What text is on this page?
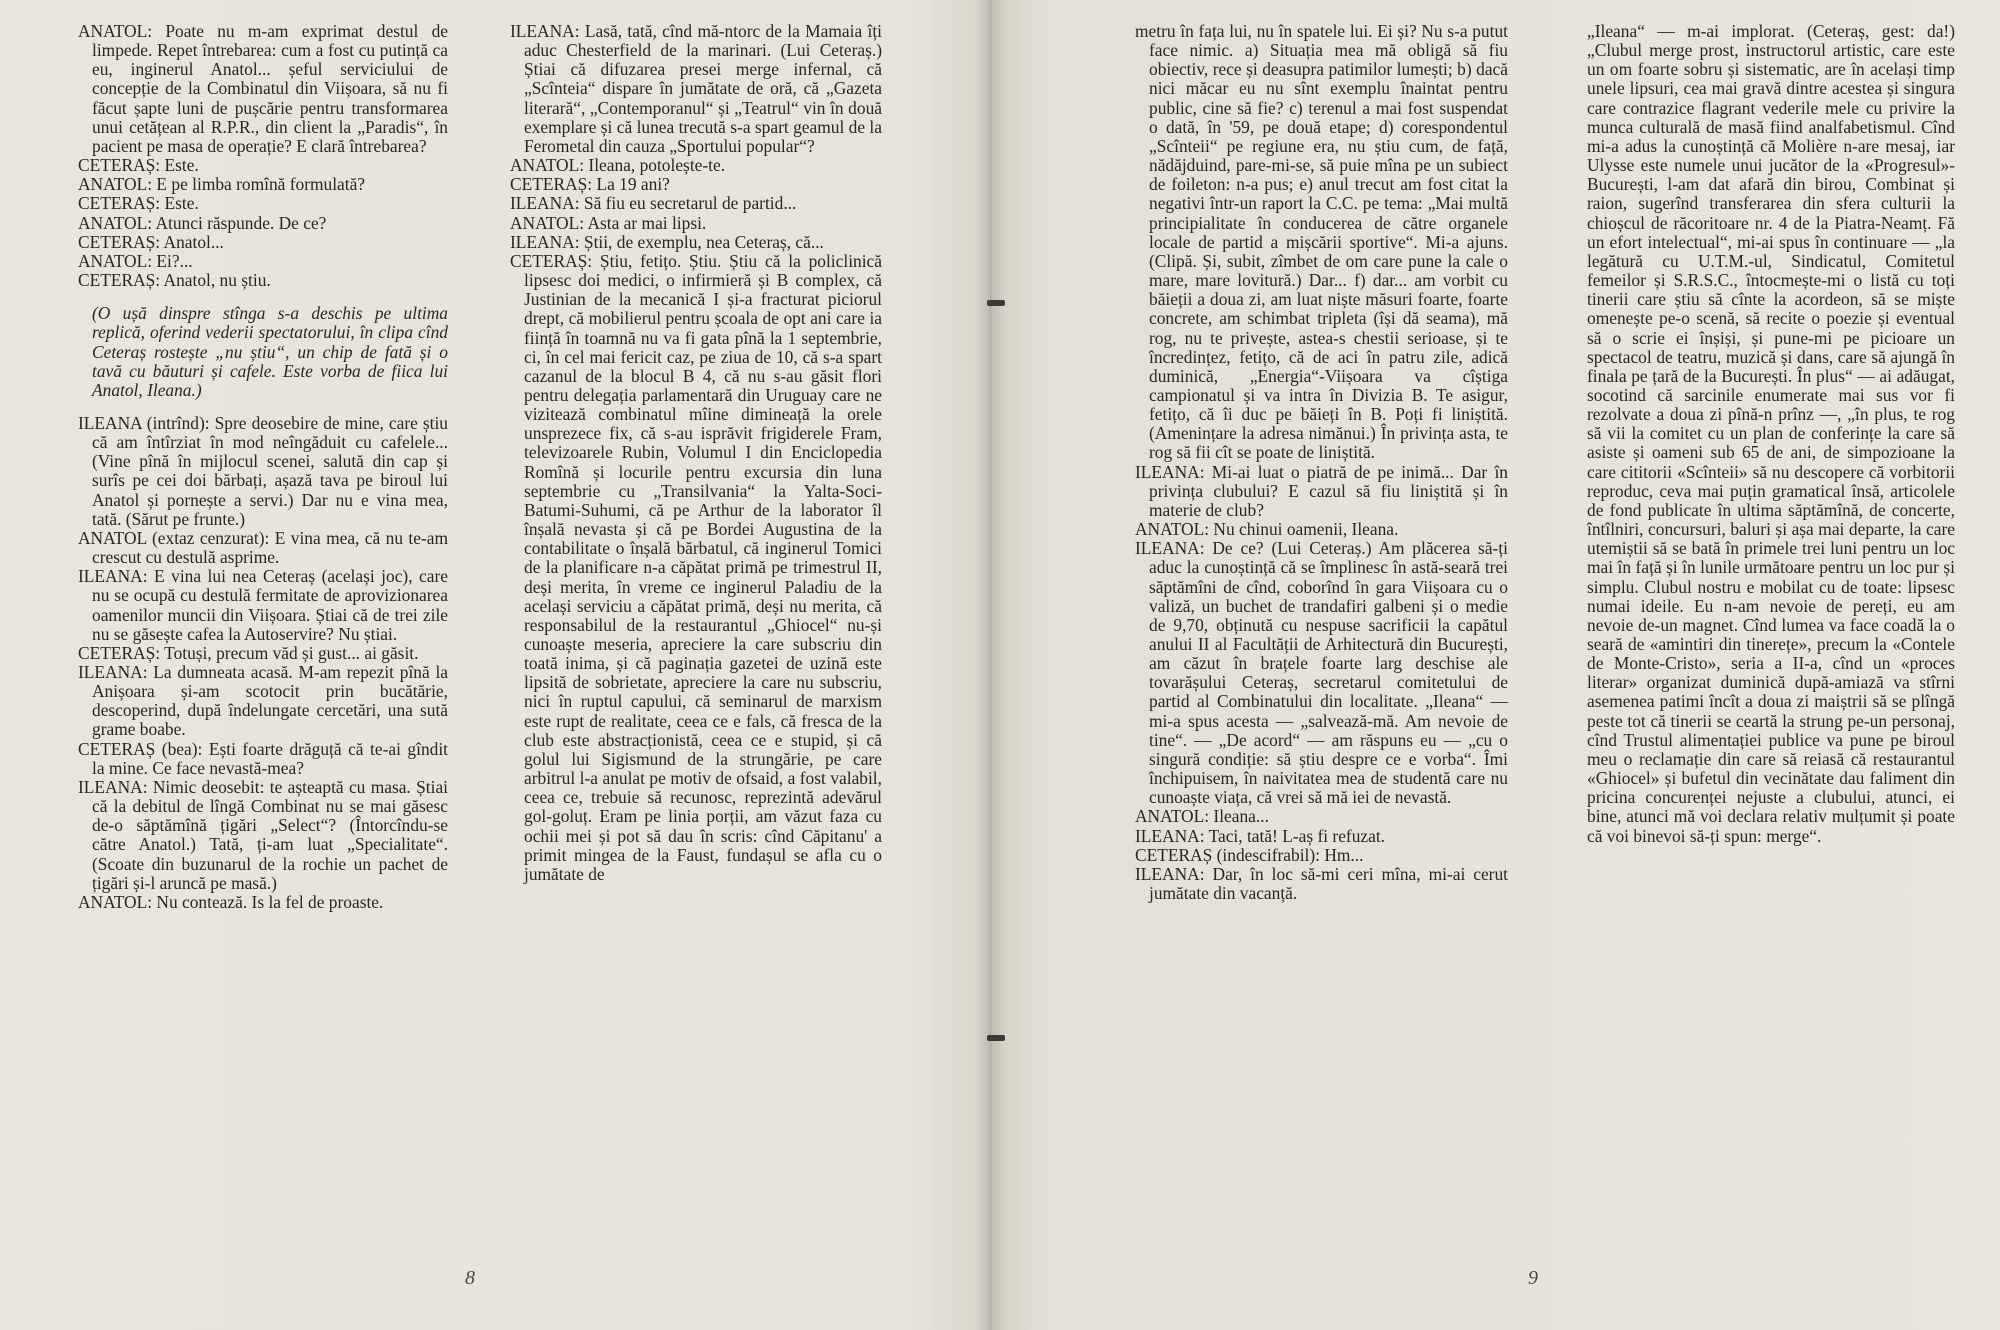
ANATOL: Poate nu m-am exprimat destul de limpede. Repet întrebarea: cum a fost cu putință ca eu, inginerul Anatol... șeful serviciului de concepție de la Combinatul din Viișoara, să nu fi făcut șapte luni de pușcărie pentru transformarea unui cetățean al R.P.R., din client la „Paradis“, în pacient pe masa de operație? E clară întrebarea?

CETERAȘ: Este.

ANATOL: E pe limba romînă formulată?

CETERAȘ: Este.

ANATOL: Atunci răspunde. De ce?

CETERAȘ: Anatol...

ANATOL: Ei?...

CETERAȘ: Anatol, nu știu.

(O ușă dinspre stînga s-a deschis pe ultima replică, oferind vederii spectatorului, în clipa cînd Ceteraș rostește „nu știu“, un chip de fată și o tavă cu băuturi și cafele. Este vorba de fiica lui Anatol, Ileana.)

ILEANA (intrînd): Spre deosebire de mine, care știu că am întîrziat în mod neîngăduit cu cafelele... (Vine pînă în mijlocul scenei, salută din cap și surîs pe cei doi bărbați, așază tava pe biroul lui Anatol și pornește a servi.) Dar nu e vina mea, tată. (Sărut pe frunte.)

ANATOL (extaz cenzurat): E vina mea, că nu te-am crescut cu destulă asprime.

ILEANA: E vina lui nea Ceteraș (același joc), care nu se ocupă cu destulă fermitate de aprovizionarea oamenilor muncii din Viișoara. Știai că de trei zile nu se găsește cafea la Autoservire? Nu știai.

CETERAȘ: Totuși, precum văd și gust... ai găsit.

ILEANA: La dumneata acasă. M-am repezit pînă la Anișoara și-am scotocit prin bucătărie, descoperind, după îndelungate cercetări, una sută grame boabe.

CETERAȘ (bea): Ești foarte drăguță că te-ai gîndit la mine. Ce face nevastă-mea?

ILEANA: Nimic deosebit: te așteaptă cu masa. Știai că la debitul de lîngă Combinat nu se mai găsesc de-o săptămînă țigări „Select“? (Întorcîndu-se către Anatol.) Tată, ți-am luat „Specialitate“. (Scoate din buzunarul de la rochie un pachet de țigări și-l aruncă pe masă.)

ANATOL: Nu contează. Is la fel de proaste.

ILEANA: Lasă, tată, cînd mă-ntorc de la Mamaia îți aduc Chesterfield de la marinari. (Lui Ceteraș.) Știai că difuzarea presei merge infernal, că „Scînteia“ dispare în jumătate de oră, că „Gazeta literară“, „Contemporanul“ și „Teatrul“ vin în două exemplare și că lunea trecută s-a spart geamul de la Ferometal din cauza „Sportului popular“?

ANATOL: Ileana, potolește-te.

CETERAȘ: La 19 ani?

ILEANA: Să fiu eu secretarul de partid...

ANATOL: Asta ar mai lipsi.

ILEANA: Știi, de exemplu, nea Ceteraș, că...

CETERAȘ: Știu, fetițo. Știu. Știu că la policlinică lipsesc doi medici, o infirmieră și B complex, că Justinian de la mecanică I și-a fracturat piciorul drept, că mobilierul pentru școala de opt ani care ia ființă în toamnă nu va fi gata pînă la 1 septembrie, ci, în cel mai fericit caz, pe ziua de 10, că s-a spart cazanul de la blocul B 4, că nu s-au găsit flori pentru delegația parlamentară din Uruguay care ne vizitează combinatul mîine dimineață la orele unsprezece fix, că s-au isprăvit frigiderele Fram, televizoarele Rubin, Volumul I din Enciclopedia Romînă și locurile pentru excursia din luna septembrie cu „Transilvania“ la Yalta-Soci-Batumi-Suhumi, că pe Arthur de la laborator îl înșală nevasta și că pe Bordei Augustina de la contabilitate o înșală bărbatul, că inginerul Tomici de la planificare n-a căpătat primă pe trimestrul II, deși merita, în vreme ce inginerul Paladiu de la același serviciu a căpătat primă, deși nu merita, că responsabilul de la restaurantul „Ghiocel“ nu-și cunoaște meseria, apreciere la care subscriu din toată inima, și că paginația gazetei de uzină este lipsită de sobrietate, apreciere la care nu subscriu, nici în ruptul capului, că seminarul de marxism este rupt de realitate, ceea ce e fals, că fresca de la club este abstracționistă, ceea ce e stupid, și că golul lui Sigismund de la strungărie, pe care arbitrul l-a anulat pe motiv de ofsaid, a fost valabil, ceea ce, trebuie să recunosc, reprezintă adevărul gol-goluț. Eram pe linia porții, am văzut faza cu ochii mei și pot să dau în scris: cînd Căpitanu' a primit mingea de la Faust, fundașul se afla cu o jumătate de

metru în fața lui, nu în spatele lui. Ei și? Nu s-a putut face nimic. a) Situația mea mă obligă să fiu obiectiv, rece și deasupra patimilor lumești; b) dacă nici măcar eu nu sînt exemplu înaintat pentru public, cine să fie? c) terenul a mai fost suspendat o dată, în '59, pe două etape; d) corespondentul „Scînteii“ pe regiune era, nu știu cum, de față, nădăjduind, pare-mi-se, să puie mîna pe un subiect de foileton: n-a pus; e) anul trecut am fost citat la negativi într-un raport la C.C. pe tema: „Mai multă principialitate în conducerea de către organele locale de partid a mișcării sportive“. Mi-a ajuns. (Clipă. Și, subit, zîmbet de om care pune la cale o mare, mare lovitură.) Dar... f) dar... am vorbit cu băieții a doua zi, am luat niște măsuri foarte, foarte concrete, am schimbat tripleta (își dă seama), mă rog, nu te privește, astea-s chestii serioase, și te încredințez, fetițo, că de aci în patru zile, adică duminică, „Energia“-Viișoara va cîștiga campionatul și va intra în Divizia B. Te asigur, fetițo, că îi duc pe băieți în B. Poți fi liniștită. (Amenințare la adresa nimănui.) În privința asta, te rog să fii cît se poate de liniștită.

ILEANA: Mi-ai luat o piatră de pe inimă... Dar în privința clubului? E cazul să fiu liniștită și în materie de club?

ANATOL: Nu chinui oamenii, Ileana.

ILEANA: De ce? (Lui Ceteraș.) Am plăcerea să-ți aduc la cunoștință că se împlinesc în astă-seară trei săptămîni de cînd, coborînd în gara Viișoara cu o valiză, un buchet de trandafiri galbeni și o medie de 9,70, obținută cu nespuse sacrificii la capătul anului II al Facultății de Arhitectură din București, am căzut în brațele foarte larg deschise ale tovarășului Ceteraș, secretarul comitetului de partid al Combinatului din localitate. „Ileana“ — mi-a spus acesta — „salvează-mă. Am nevoie de tine“. — „De acord“ — am răspuns eu — „cu o singură condiție: să știu despre ce e vorba“. Îmi închipuisem, în naivitatea mea de studentă care nu cunoaște viața, că vrei să mă iei de nevastă.

ANATOL: Ileana...

ILEANA: Taci, tată! L-aș fi refuzat.

CETERAȘ (indescifrabil): Hm...

ILEANA: Dar, în loc să-mi ceri mîna, mi-ai cerut jumătate din vacanță.

„Ileana“ — m-ai implorat. (Ceteraș, gest: da!) „Clubul merge prost, instructorul artistic, care este un om foarte sobru și sistematic, are în același timp unele lipsuri, cea mai gravă dintre acestea și singura care contrazice flagrant vederile mele cu privire la munca culturală de masă fiind analfabetismul. Cînd mi-a adus la cunoștință că Molière n-are mesaj, iar Ulysse este numele unui jucător de la «Progresul»-București, l-am dat afară din birou, Combinat și raion, sugerînd transferarea din sfera culturii la chioșcul de răcoritoare nr. 4 de la Piatra-Neamț. Fă un efort intelectual“, mi-ai spus în continuare — „la legătură cu U.T.M.-ul, Sindicatul, Comitetul femeilor și S.R.S.C., întocmește-mi o listă cu toți tinerii care știu să cînte la acordeon, să se miște omenește pe-o scenă, să recite o poezie și eventual să o scrie ei înșiși, și pune-mi pe picioare un spectacol de teatru, muzică și dans, care să ajungă în finala pe țară de la București. În plus“ — ai adăugat, socotind că sarcinile enumerate mai sus vor fi rezolvate a doua zi pînă-n prînz —, „în plus, te rog să vii la comitet cu un plan de conferințe la care să asiste și oameni sub 65 de ani, de simpozioane la care cititorii «Scînteii» să nu descopere că vorbitorii reproduc, ceva mai puțin gramatical însă, articolele de fond publicate în ultima săptămînă, de concerte, întîlniri, concursuri, baluri și așa mai departe, la care utemiștii să se bată în primele trei luni pentru un loc mai în față și în lunile următoare pentru un loc pur și simplu. Clubul nostru e mobilat cu de toate: lipsesc numai ideile. Eu n-am nevoie de pereți, eu am nevoie de-un magnet. Cînd lumea va face coadă la o seară de «amintiri din tinerețe», precum la «Contele de Monte-Cristo», seria a II-a, cînd un «proces literar» organizat duminică după-amiază va stîrni asemenea patimi încît a doua zi maiștrii să se plîngă peste tot că tinerii se ceartă la strung pe-un personaj, cînd Trustul alimentației publice va pune pe biroul meu o reclamație din care să reiasă că restaurantul «Ghiocel» și bufetul din vecinătate dau faliment din pricina concurenței nejuste a clubului, atunci, ei bine, atunci mă voi declara relativ mulțumit și poate că voi binevoi să-ți spun: merge“.

8	9
